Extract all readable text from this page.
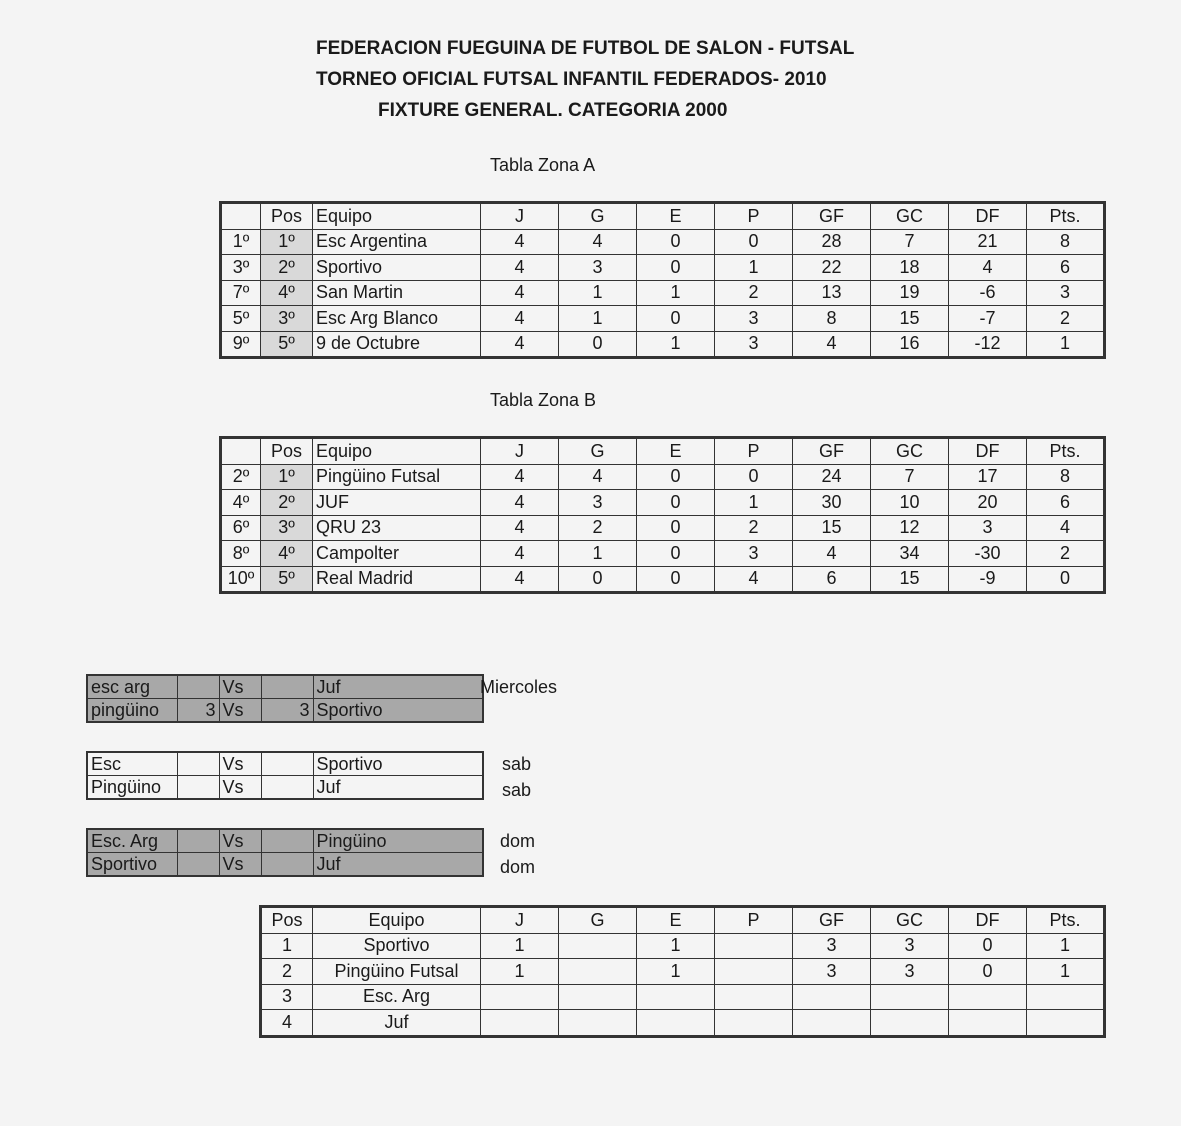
FEDERACION FUEGUINA DE FUTBOL DE SALON - FUTSAL
TORNEO OFICIAL FUTSAL INFANTIL FEDERADOS- 2010
FIXTURE GENERAL. CATEGORIA 2000
Tabla Zona A
	Pos	Equipo	J	G	E	P	GF	GC	DF	Pts.
1º	1º	Esc Argentina	4	4	0	0	28	7	21	8
3º	2º	Sportivo	4	3	0	1	22	18	4	6
7º	4º	San Martin	4	1	1	2	13	19	-6	3
5º	3º	Esc Arg Blanco	4	1	0	3	8	15	-7	2
9º	5º	9 de Octubre	4	0	1	3	4	16	-12	1
Tabla Zona B
	Pos	Equipo	J	G	E	P	GF	GC	DF	Pts.
2º	1º	Pingüino Futsal	4	4	0	0	24	7	17	8
4º	2º	JUF	4	3	0	1	30	10	20	6
6º	3º	QRU 23	4	2	0	2	15	12	3	4
8º	4º	Campolter	4	1	0	3	4	34	-30	2
10º	5º	Real Madrid	4	0	0	4	6	15	-9	0
esc arg		Vs		Juf
pingüino	3	Vs	3	Sportivo
Miercoles
Esc		Vs		Sportivo
Pingüino		Vs		Juf
sab
sab
Esc. Arg		Vs		Pingüino
Sportivo		Vs		Juf
dom
dom
Pos	Equipo	J	G	E	P	GF	GC	DF	Pts.
1	Sportivo	1		1		3	3	0	1
2	Pingüino Futsal	1		1		3	3	0	1
3	Esc. Arg								
4	Juf								
